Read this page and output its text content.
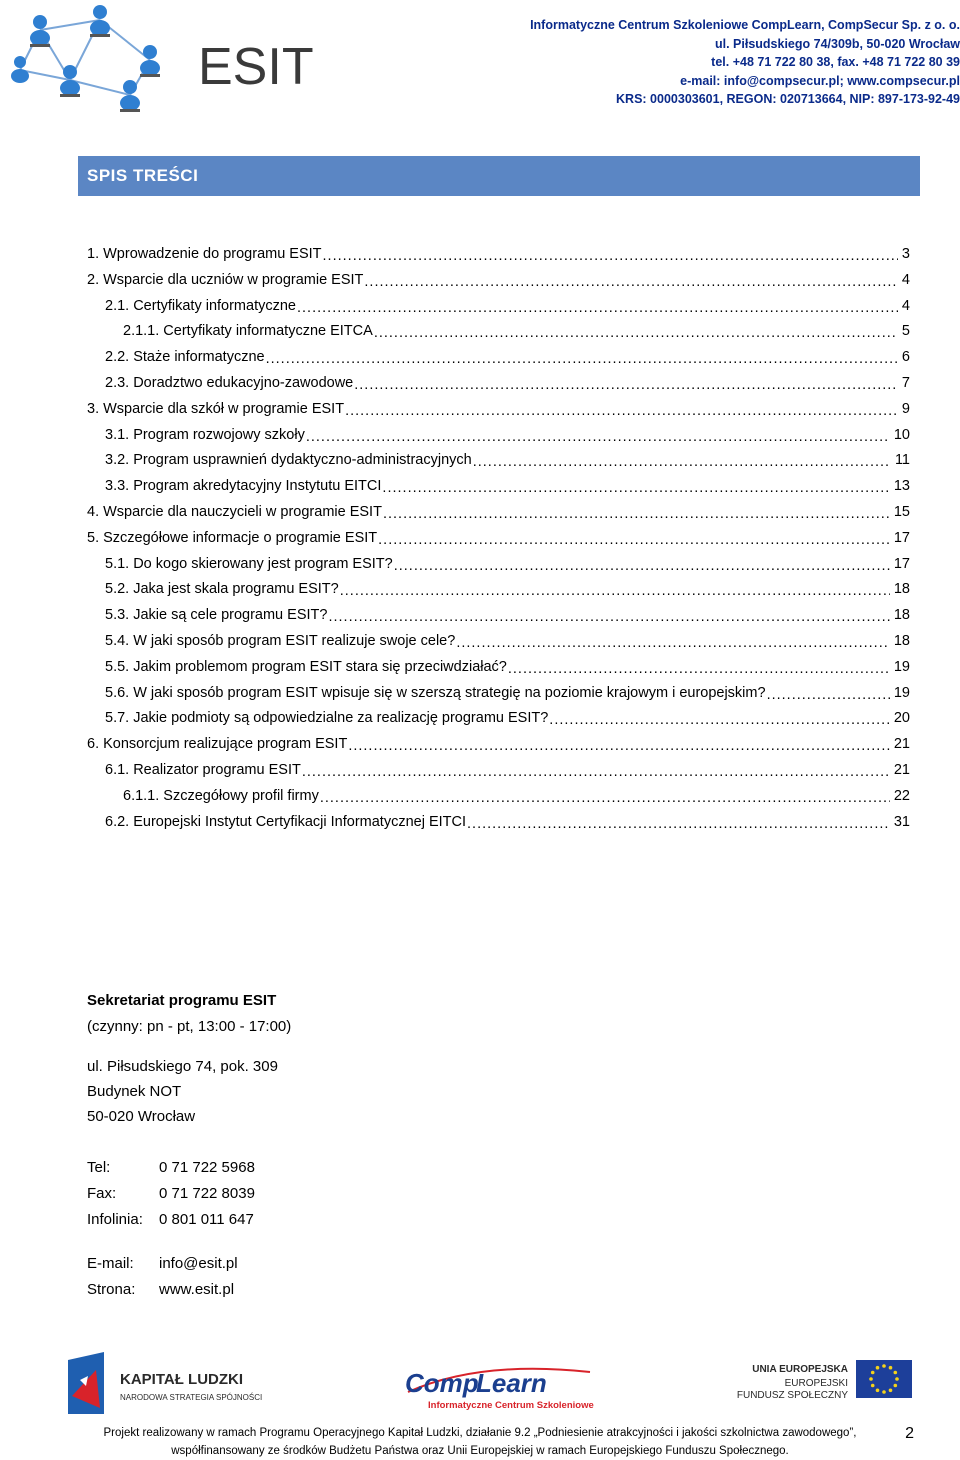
ESIT
Informatyczne Centrum Szkoleniowe CompLearn, CompSecur Sp. z o. o.
ul. Piłsudskiego 74/309b, 50-020 Wrocław
tel. +48 71 722 80 38, fax. +48 71 722 80 39
e-mail: info@compsecur.pl; www.compsecur.pl
KRS: 0000303601, REGON: 020713664, NIP: 897-173-92-49
SPIS TREŚCI
1. Wprowadzenie do programu ESIT .....	3
2. Wsparcie dla uczniów w programie ESIT .....	4
2.1. Certyfikaty informatyczne .....	4
2.1.1. Certyfikaty informatyczne EITCA .....	5
2.2. Staże informatyczne .....	6
2.3. Doradztwo edukacyjno-zawodowe .....	7
3. Wsparcie dla szkół w programie ESIT .....	9
3.1. Program rozwojowy szkoły .....	10
3.2. Program usprawnień dydaktyczno-administracyjnych .....	11
3.3. Program akredytacyjny Instytutu EITCI .....	13
4. Wsparcie dla nauczycieli w programie ESIT .....	15
5. Szczegółowe informacje o programie ESIT .....	17
5.1. Do kogo skierowany jest program ESIT? .....	17
5.2. Jaka jest skala programu ESIT? .....	18
5.3. Jakie są cele programu ESIT? .....	18
5.4. W jaki sposób program ESIT realizuje swoje cele? .....	18
5.5. Jakim problemom program ESIT stara się przeciwdziałać? .....	19
5.6. W jaki sposób program ESIT wpisuje się w szerszą strategię na poziomie krajowym i europejskim? .....	19
5.7. Jakie podmioty są odpowiedzialne za realizację programu ESIT? .....	20
6. Konsorcjum realizujące program ESIT .....	21
6.1. Realizator programu ESIT .....	21
6.1.1. Szczegółowy profil firmy .....	22
6.2. Europejski Instytut Certyfikacji Informatycznej EITCI .....	31
Sekretariat programu ESIT
(czynny: pn - pt, 13:00 - 17:00)
ul. Piłsudskiego 74, pok. 309
Budynek NOT
50-020 Wrocław
Tel:	0 71 722 5968
Fax:	0 71 722 8039
Infolinia: 0 801 011 647
E-mail: info@esit.pl
Strona: www.esit.pl
KAPITAŁ LUDZKI
NARODOWA STRATEGIA SPÓJNOŚCI	Comp
Learn
Informatyczne Centrum Szkoleniowe
UNIA EUROPEJSKA
EUROPEJSKI
FUNDUSZ SPOŁECZNY
Projekt realizowany w ramach Programu Operacyjnego Kapitał Ludzki, działanie 9.2 „Podniesienie atrakcyjności i jakości szkolnictwa zawodowego”,
współfinansowany ze środków Budżetu Państwa oraz Unii Europejskiej w ramach Europejskiego Funduszu Społecznego.
2
